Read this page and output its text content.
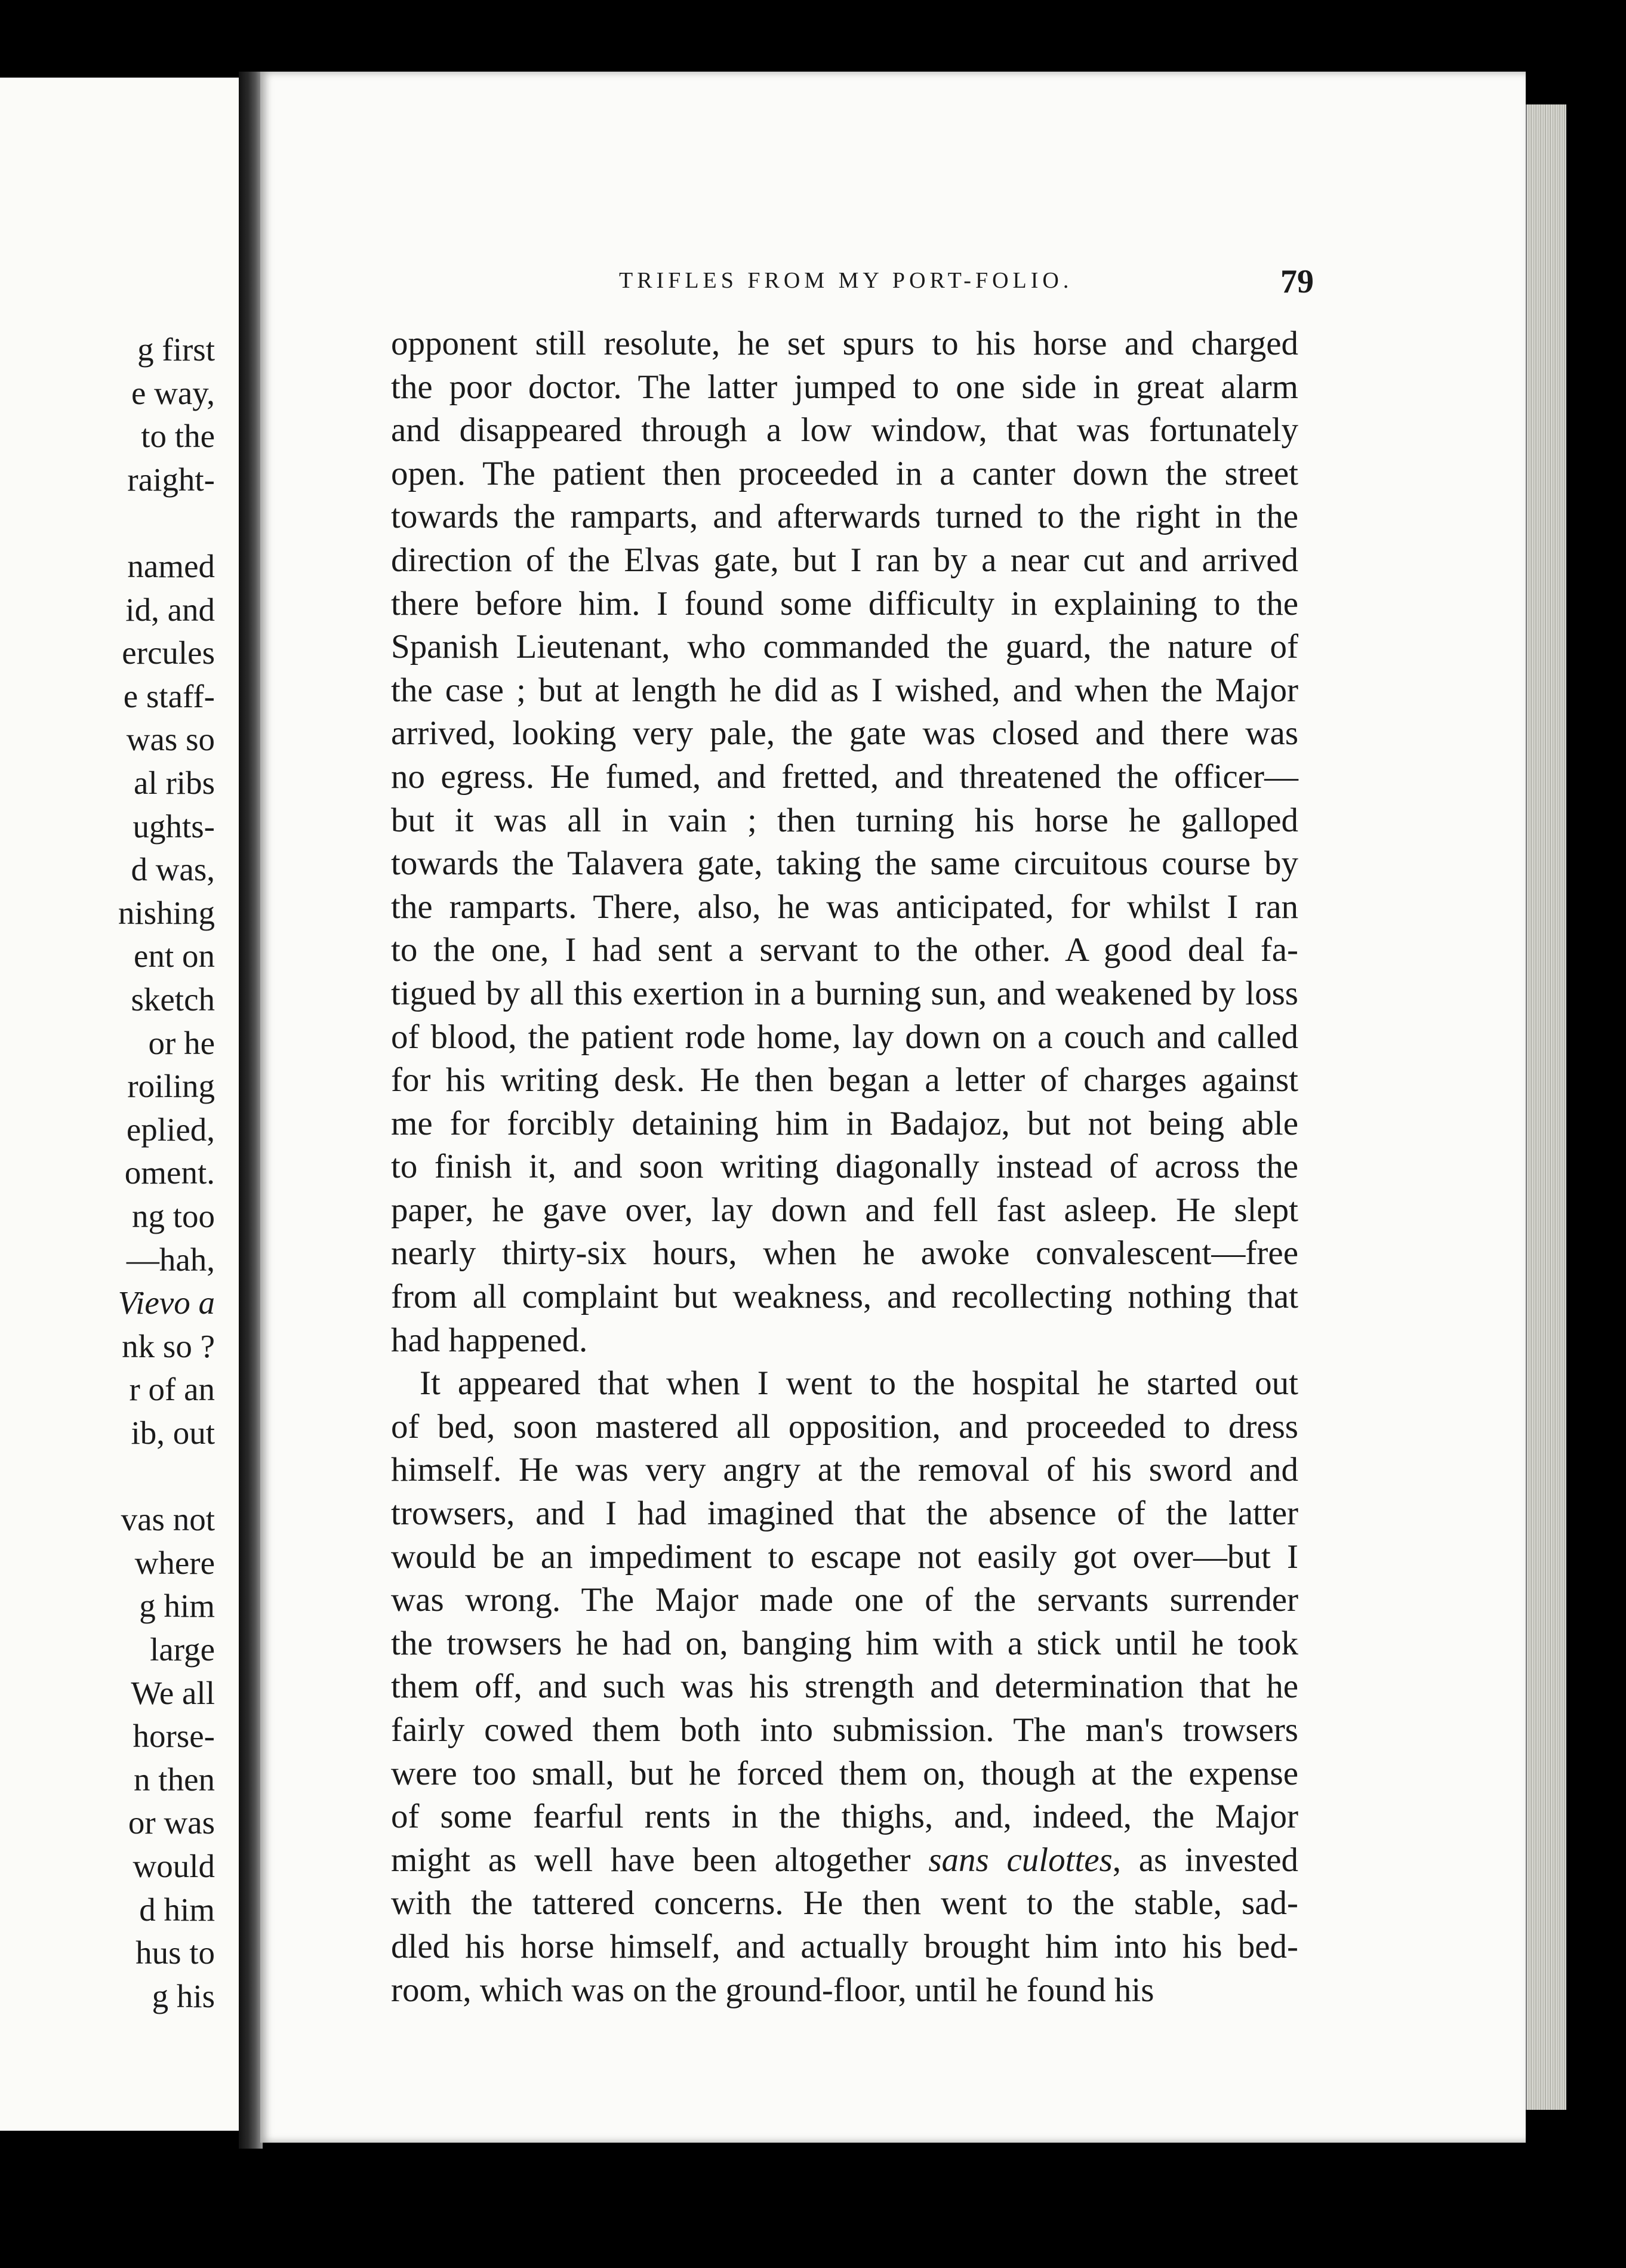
g first
e way,
to the
raight-
named
id, and
ercules
e staff-
was so
al ribs
ughts-
d was,
nishing
ent on
sketch
or he
roiling
eplied,
oment.
ng too
—hah,
Vievo a
nk so ?
r of an
ib, out
vas not
where
g him
large
We all
horse-
n then
or was
would
d him
hus to
g his
TRIFLES FROM MY PORT-FOLIO.	79
opponent still resolute, he set spurs to his horse and charged
the poor doctor. The latter jumped to one side in great alarm
and disappeared through a low window, that was fortunately
open. The patient then proceeded in a canter down the street
towards the ramparts, and afterwards turned to the right in the
direction of the Elvas gate, but I ran by a near cut and arrived
there before him. I found some difficulty in explaining to the
Spanish Lieutenant, who commanded the guard, the nature of
the case ; but at length he did as I wished, and when the Major
arrived, looking very pale, the gate was closed and there was
no egress. He fumed, and fretted, and threatened the officer—
but it was all in vain ; then turning his horse he galloped
towards the Talavera gate, taking the same circuitous course by
the ramparts. There, also, he was anticipated, for whilst I ran
to the one, I had sent a servant to the other. A good deal fa-
tigued by all this exertion in a burning sun, and weakened by loss
of blood, the patient rode home, lay down on a couch and called
for his writing desk. He then began a letter of charges against
me for forcibly detaining him in Badajoz, but not being able
to finish it, and soon writing diagonally instead of across the
paper, he gave over, lay down and fell fast asleep. He slept
nearly thirty-six hours, when he awoke convalescent—free
from all complaint but weakness, and recollecting nothing that
had happened.
It appeared that when I went to the hospital he started out
of bed, soon mastered all opposition, and proceeded to dress
himself. He was very angry at the removal of his sword and
trowsers, and I had imagined that the absence of the latter
would be an impediment to escape not easily got over—but I
was wrong. The Major made one of the servants surrender
the trowsers he had on, banging him with a stick until he took
them off, and such was his strength and determination that he
fairly cowed them both into submission. The man's trowsers
were too small, but he forced them on, though at the expense
of some fearful rents in the thighs, and, indeed, the Major
might as well have been altogether sans culottes, as invested
with the tattered concerns. He then went to the stable, sad-
dled his horse himself, and actually brought him into his bed-
room, which was on the ground-floor, until he found his
